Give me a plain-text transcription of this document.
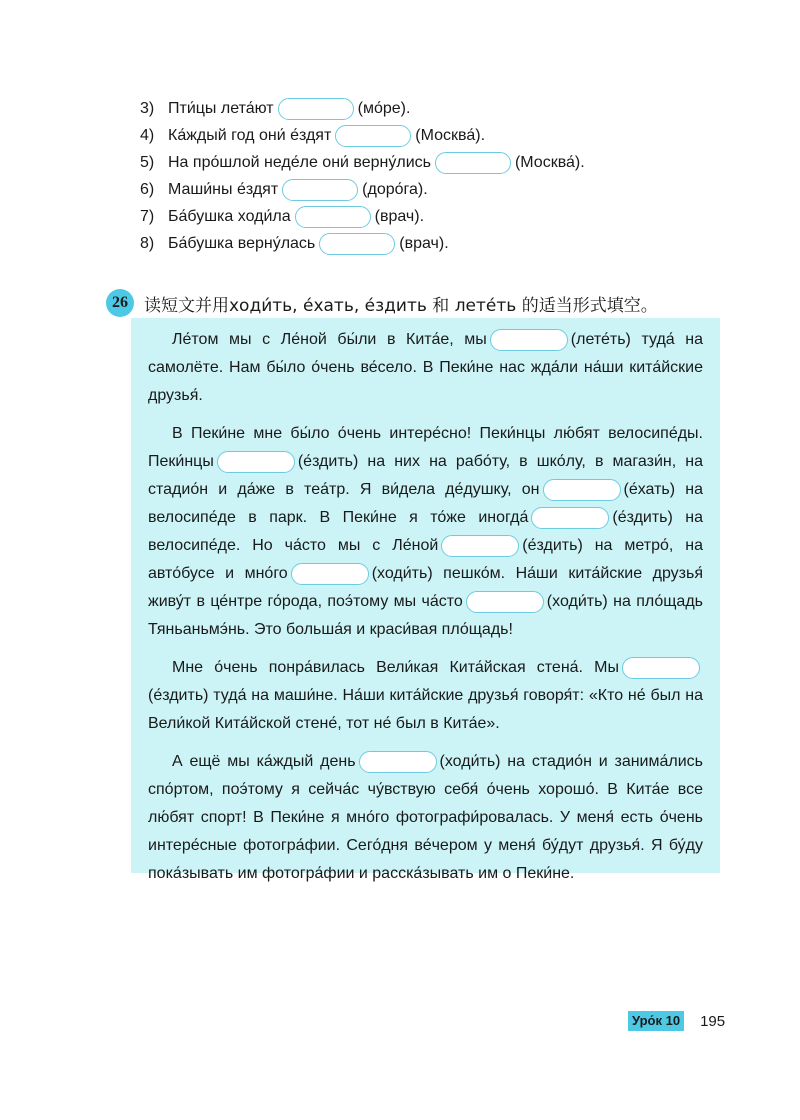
3) Пти́цы лета́ют	(мо́ре).
4) Ка́ждый год они́ е́здят	(Москва́).
5) На про́шлой неде́ле они́ верну́лись	(Москва́).
6) Маши́ны е́здят	(доро́га).
7) Ба́бушка ходи́ла	(врач).
8) Ба́бушка верну́лась	(врач).
26 读短文并用ходи́ть, е́хать, е́здить 和 лете́ть 的适当形式填空。

Ле́том мы с Ле́ной бы́ли в Кита́е, мы	(лете́ть) туда́ на самолёте. Нам бы́ло о́чень ве́село. В Пеки́не нас жда́ли на́ши кита́йские друзья́.

В Пеки́не мне бы́ло о́чень интере́сно! Пеки́нцы лю́бят велосипе́ды. Пеки́нцы	(е́здить) на них на рабо́ту, в шко́лу, в магази́н, на стадио́н и да́же в теа́тр. Я ви́дела де́душку, он	(е́хать) на велосипе́де в парк. В Пеки́не я то́же иногда́	(е́здить) на велосипе́де. Но ча́сто мы с Ле́ной	(е́здить) на метро́, на авто́бусе и мно́го	(ходи́ть) пешко́м. На́ши кита́йские друзья́ живу́т в це́нтре го́рода, поэ́тому мы ча́сто	(ходи́ть) на пло́щадь Тяньаньмэ́нь. Это больша́я и краси́вая пло́щадь!

Мне о́чень понра́вилась Вели́кая Кита́йская стена́. Мы(е́здить) туда́ на маши́не. На́ши кита́йские друзья́ говоря́т: «Кто не́ был на Вели́кой Кита́йской стене́, тот не́ был в Кита́е».

А ещё мы ка́ждый день	(ходи́ть) на стадио́н и занима́лись спо́ртом, поэ́тому я сейча́с чу́вствую себя́ о́чень хорошо́. В Кита́е все лю́бят спорт! В Пеки́не я мно́го фотографи́ровалась. У меня́ есть о́чень интере́сные фотогра́фии. Сего́дня ве́чером у меня́ бу́дут друзья́. Я бу́ду пока́зывать им фотогра́фии и расска́зывать им о Пеки́не.

Уро́к 10 195
